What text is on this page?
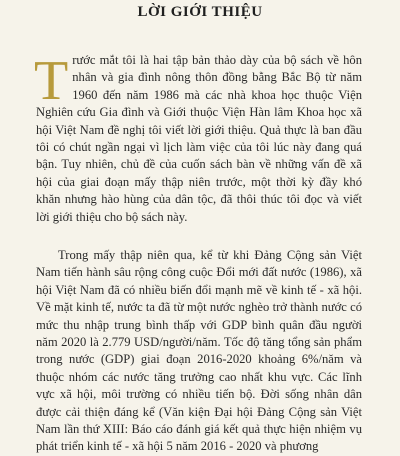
LỜI GIỚI THIỆU

T rước mắt tôi là hai tập bản thảo dày của bộ sách về hôn nhân và gia đình nông thôn đồng bằng Bắc Bộ từ năm 1960 đến năm 1986 mà các nhà khoa học thuộc Viện Nghiên cứu Gia đình và Giới thuộc Viện Hàn lâm Khoa học xã hội Việt Nam đề nghị tôi viết lời giới thiệu. Quả thực là ban đầu tôi có chút ngần ngại vì lịch làm việc của tôi lúc này đang quá bận. Tuy nhiên, chủ đề của cuốn sách bàn về những vấn đề xã hội của giai đoạn mấy thập niên trước, một thời kỳ đầy khó khăn nhưng hào hùng của dân tộc, đã thôi thúc tôi đọc và viết lời giới thiệu cho bộ sách này.

Trong mấy thập niên qua, kể từ khi Đảng Cộng sản Việt Nam tiến hành sâu rộng công cuộc Đổi mới đất nước (1986), xã hội Việt Nam đã có nhiều biến đổi mạnh mẽ về kinh tế - xã hội. Về mặt kinh tế, nước ta đã từ một nước nghèo trở thành nước có mức thu nhập trung bình thấp với GDP bình quân đầu người năm 2020 là 2.779 USD/người/năm. Tốc độ tăng tổng sản phẩm trong nước (GDP) giai đoạn 2016-2020 khoảng 6%/năm và thuộc nhóm các nước tăng trưởng cao nhất khu vực. Các lĩnh vực xã hội, môi trường có nhiều tiến bộ. Đời sống nhân dân được cải thiện đáng kể (Văn kiện Đại hội Đảng Cộng sản Việt Nam lần thứ XIII: Báo cáo đánh giá kết quả thực hiện nhiệm vụ phát triển kinh tế - xã hội 5 năm 2016 - 2020 và phương
